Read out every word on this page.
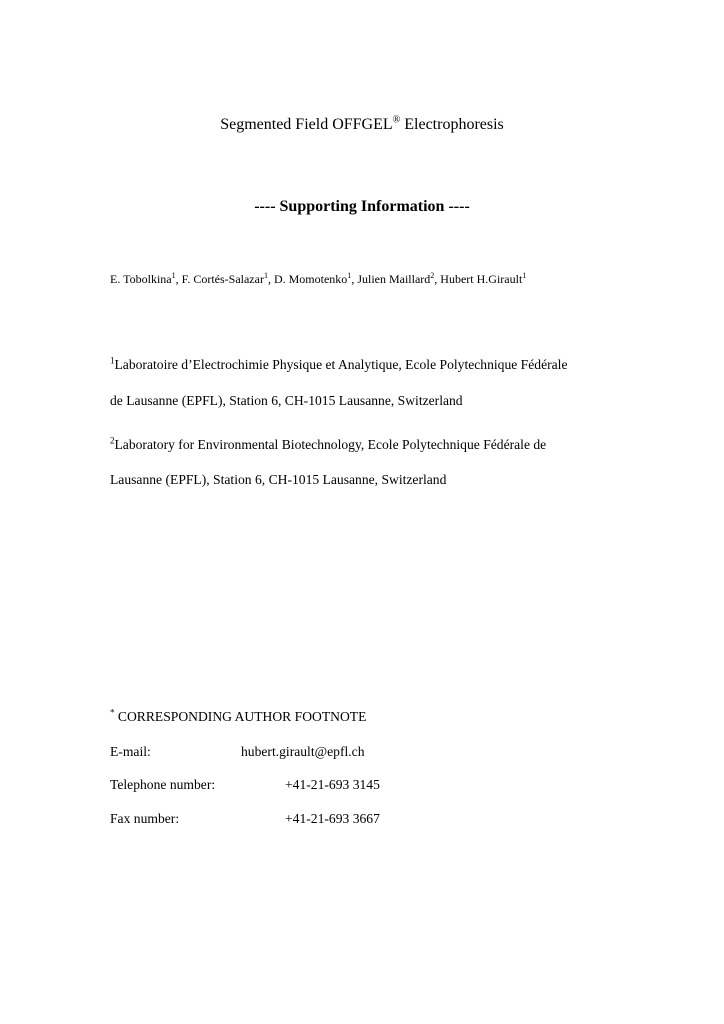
Segmented Field OFFGEL® Electrophoresis
---- Supporting Information ----
E. Tobolkina$^1$, F. Cortés-Salazar$^1$, D. Momotenko$^1$, Julien Maillard$^2$, Hubert H.Girault$^1$
$^1$Laboratoire d’Electrochimie Physique et Analytique, Ecole Polytechnique Fédérale
de Lausanne (EPFL), Station 6, CH-1015 Lausanne, Switzerland
$^2$Laboratory for Environmental Biotechnology, Ecole Polytechnique Fédérale de
Lausanne (EPFL), Station 6, CH-1015 Lausanne, Switzerland
* CORRESPONDING AUTHOR FOOTNOTE
E-mail:	hubert.girault@epfl.ch
Telephone number:	+41-21-693 3145
Fax number:	+41-21-693 3667
